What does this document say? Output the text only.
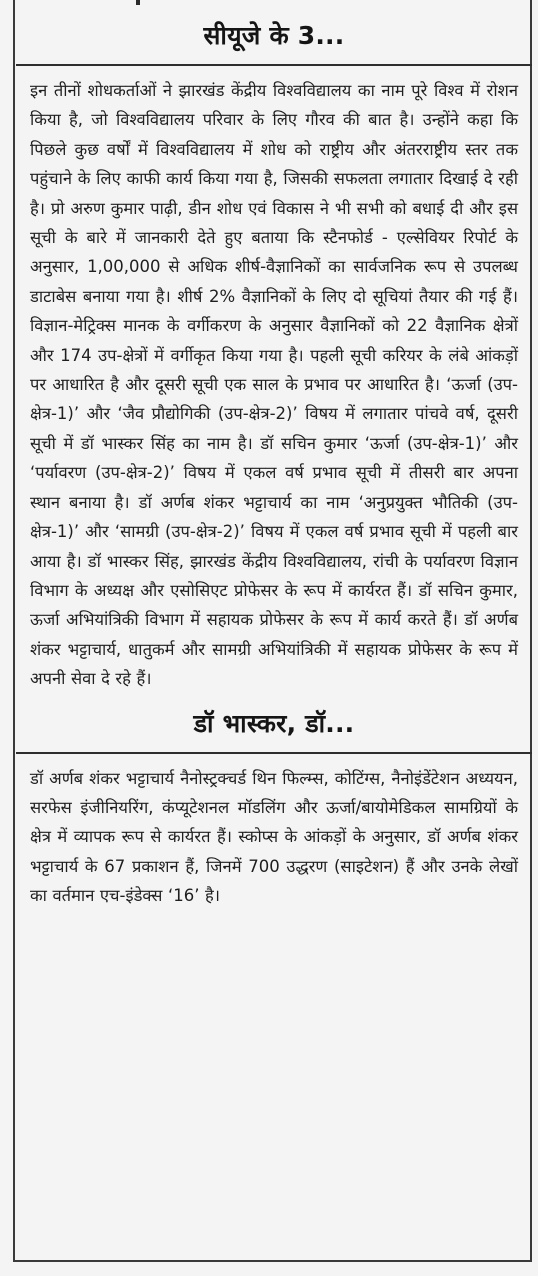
सीयूजे के 3...

इन तीनों शोधकर्ताओं ने झारखंड केंद्रीय विश्वविद्यालय का नाम पूरे विश्व में रोशन किया है, जो विश्वविद्यालय परिवार के लिए गौरव की बात है। उन्होंने कहा कि पिछले कुछ वर्षों में विश्वविद्यालय में शोध को राष्ट्रीय और अंतरराष्ट्रीय स्तर तक पहुंचाने के लिए काफी कार्य किया गया है, जिसकी सफलता लगातार दिखाई दे रही है। प्रो अरुण कुमार पाढ़ी, डीन शोध एवं विकास ने भी सभी को बधाई दी और इस सूची के बारे में जानकारी देते हुए बताया कि स्टैनफोर्ड - एल्सेवियर रिपोर्ट के अनुसार, 1,00,000 से अधिक शीर्ष-वैज्ञानिकों का सार्वजनिक रूप से उपलब्ध डाटाबेस बनाया गया है। शीर्ष 2% वैज्ञानिकों के लिए दो सूचियां तैयार की गई हैं। विज्ञान-मेट्रिक्स मानक के वर्गीकरण के अनुसार वैज्ञानिकों को 22 वैज्ञानिक क्षेत्रों और 174 उप-क्षेत्रों में वर्गीकृत किया गया है। पहली सूची करियर के लंबे आंकड़ों पर आधारित है और दूसरी सूची एक साल के प्रभाव पर आधारित है। ‘ऊर्जा (उप-क्षेत्र-1)’ और ‘जैव प्रौद्योगिकी (उप-क्षेत्र-2)’ विषय में लगातार पांचवे वर्ष, दूसरी सूची में डॉ भास्कर सिंह का नाम है। डॉ सचिन कुमार ‘ऊर्जा (उप-क्षेत्र-1)’ और ‘पर्यावरण (उप-क्षेत्र-2)’ विषय में एकल वर्ष प्रभाव सूची में तीसरी बार अपना स्थान बनाया है। डॉ अर्णब शंकर भट्टाचार्य का नाम ‘अनुप्रयुक्त भौतिकी (उप-क्षेत्र-1)’ और ‘सामग्री (उप-क्षेत्र-2)’ विषय में एकल वर्ष प्रभाव सूची में पहली बार आया है। डॉ भास्कर सिंह, झारखंड केंद्रीय विश्वविद्यालय, रांची के पर्यावरण विज्ञान विभाग के अध्यक्ष और एसोसिएट प्रोफेसर के रूप में कार्यरत हैं। डॉ सचिन कुमार, ऊर्जा अभियांत्रिकी विभाग में सहायक प्रोफेसर के रूप में कार्य करते हैं। डॉ अर्णब शंकर भट्टाचार्य, धातुकर्म और सामग्री अभियांत्रिकी में सहायक प्रोफेसर के रूप में अपनी सेवा दे रहे हैं।

डॉ भास्कर, डॉ...

डॉ अर्णब शंकर भट्टाचार्य नैनोस्ट्रक्चर्ड थिन फिल्म्स, कोटिंग्स, नैनोइंडेंटेशन अध्ययन, सरफेस इंजीनियरिंग, कंप्यूटेशनल मॉडलिंग और ऊर्जा/बायोमेडिकल सामग्रियों के क्षेत्र में व्यापक रूप से कार्यरत हैं। स्कोप्स के आंकड़ों के अनुसार, डॉ अर्णब शंकर भट्टाचार्य के 67 प्रकाशन हैं, जिनमें 700 उद्धरण (साइटेशन) हैं और उनके लेखों का वर्तमान एच-इंडेक्स ‘16’ है।
